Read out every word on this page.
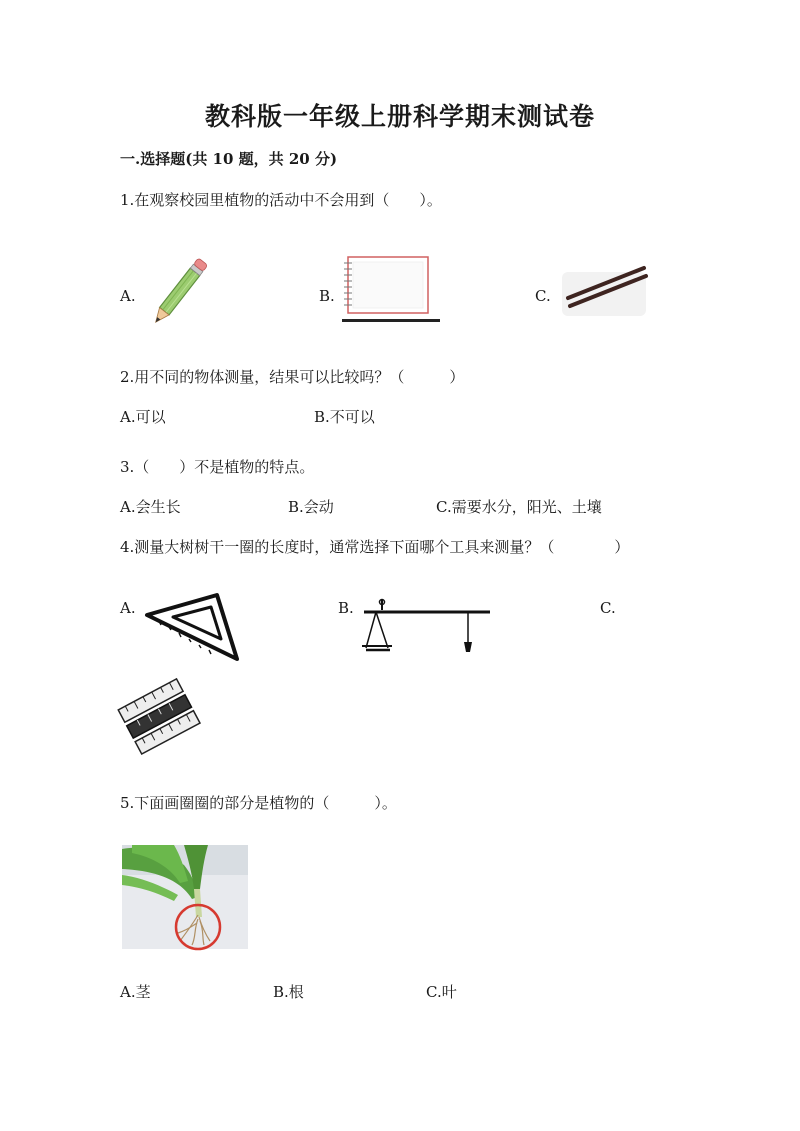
教科版一年级上册科学期末测试卷
一.选择题(共 10 题，共 20 分)
1.在观察校园里植物的活动中不会用到（　　）。
A.	B.	C.
2.用不同的物体测量，结果可以比较吗？（　　　）
A.可以	B.不可以
3.（　　）不是植物的特点。
A.会生长	B.会动	C.需要水分，阳光、土壤
4.测量大树树干一圈的长度时，通常选择下面哪个工具来测量？（　　　　）
A.	B.	C.
5.下面画圈圈的部分是植物的（　　　）。
A.茎	B.根	C.叶
